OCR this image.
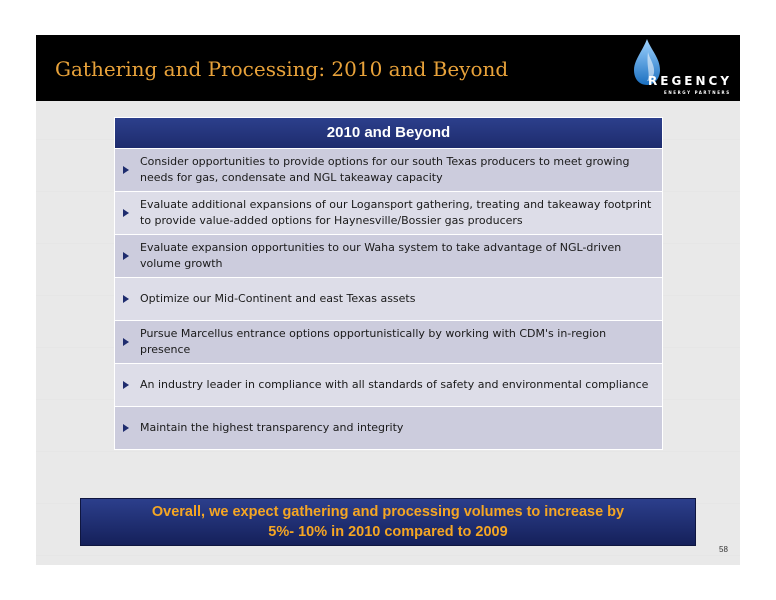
Gathering and Processing: 2010 and Beyond	REGENCY
ENERGY PARTNERS
2010 and Beyond
Consider opportunities to provide options for our south Texas producers to meet growing needs for gas, condensate and NGL takeaway capacity
Evaluate additional expansions of our Logansport gathering, treating and takeaway footprint to provide value-added options for Haynesville/Bossier gas producers
Evaluate expansion opportunities to our Waha system to take advantage of NGL-driven volume growth
Optimize our Mid-Continent and east Texas assets
Pursue Marcellus entrance options opportunistically by working with CDM's in-region presence
An industry leader in compliance with all standards of safety and environmental compliance
Maintain the highest transparency and integrity
Overall, we expect gathering and processing volumes to increase by
5%- 10% in 2010 compared to 2009
58
